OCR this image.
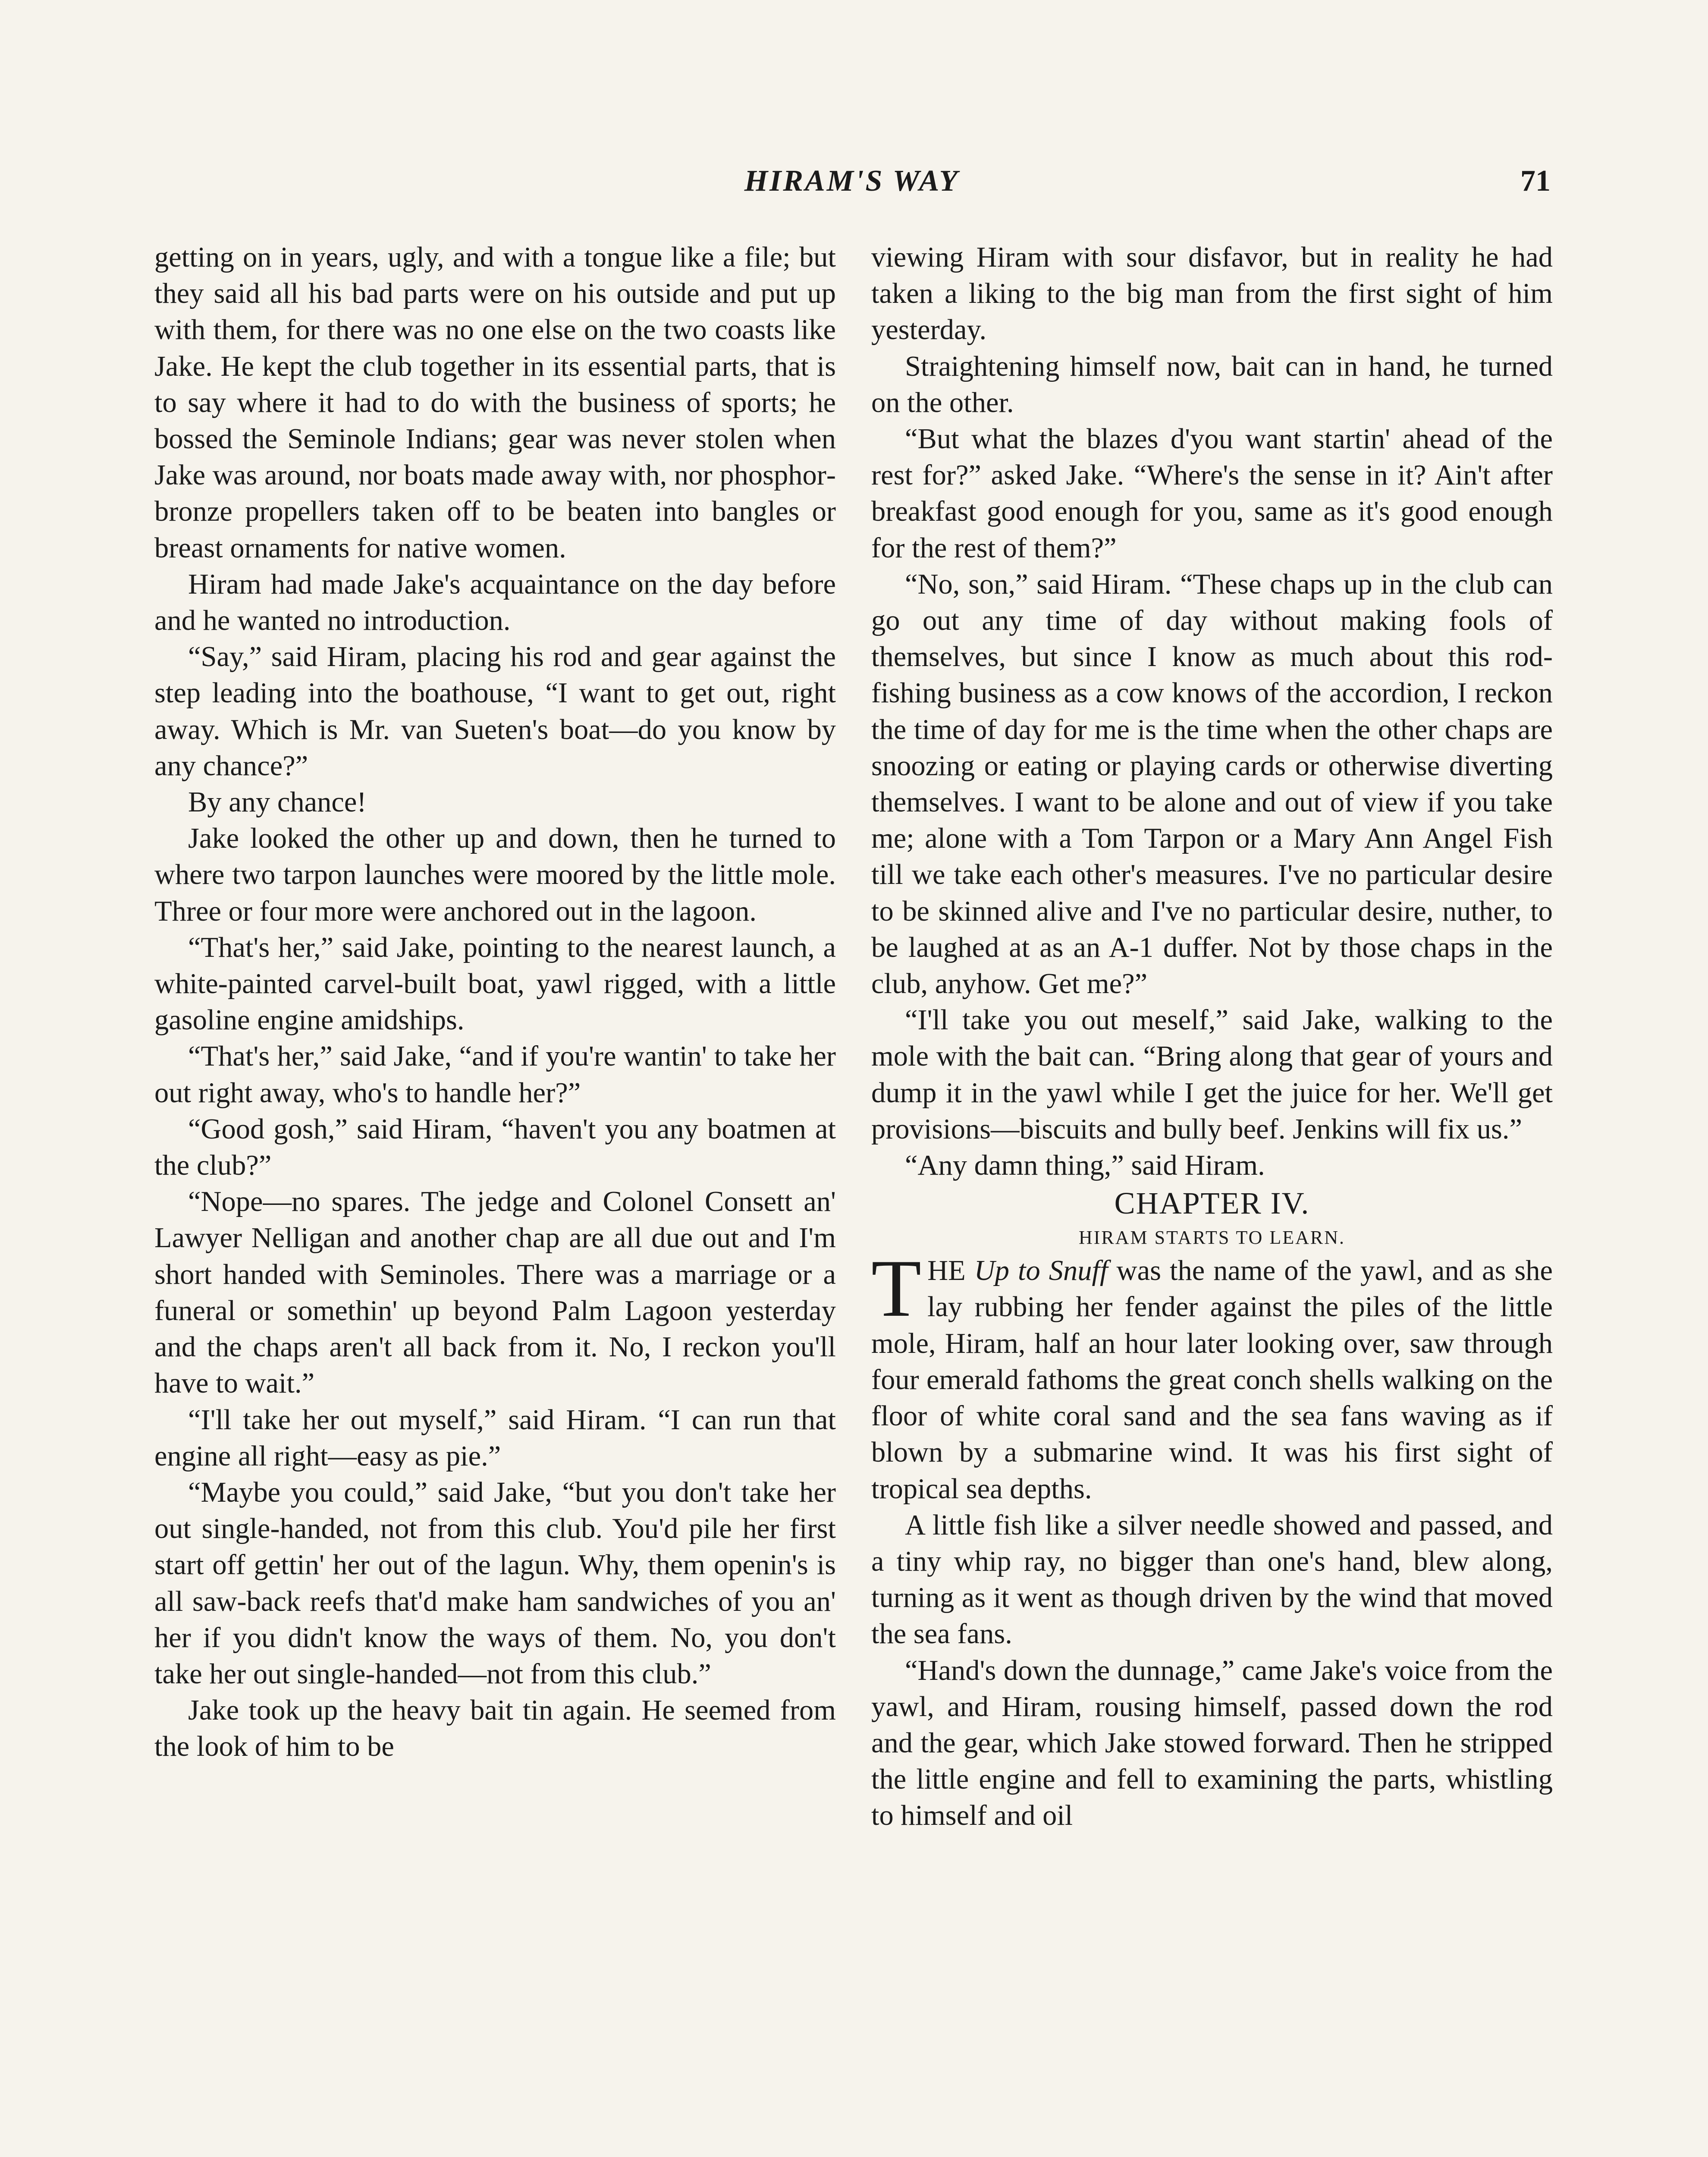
HIRAM'S WAY	71

getting on in years, ugly, and with a tongue like a file; but they said all his bad parts were on his outside and put up with them, for there was no one else on the two coasts like Jake. He kept the club together in its essential parts, that is to say where it had to do with the business of sports; he bossed the Seminole Indians; gear was never stolen when Jake was around, nor boats made away with, nor phosphorbronze propellers taken off to be beaten into bangles or breast ornaments for native women.

Hiram had made Jake's acquaintance on the day before and he wanted no introduction.

“Say,” said Hiram, placing his rod and gear against the step leading into the boathouse, “I want to get out, right away. Which is Mr. van Sueten's boat—do you know by any chance?”

By any chance!

Jake looked the other up and down, then he turned to where two tarpon launches were moored by the little mole. Three or four more were anchored out in the lagoon.

“That's her,” said Jake, pointing to the nearest launch, a white-painted carvel-built boat, yawl rigged, with a little gasoline engine amidships.

“That's her,” said Jake, “and if you're wantin' to take her out right away, who's to handle her?”

“Good gosh,” said Hiram, “haven't you any boatmen at the club?”

“Nope—no spares. The jedge and Colonel Consett an' Lawyer Nelligan and another chap are all due out and I'm short handed with Seminoles. There was a marriage or a funeral or somethin' up beyond Palm Lagoon yesterday and the chaps aren't all back from it. No, I reckon you'll have to wait.”

“I'll take her out myself,” said Hiram. “I can run that engine all right—easy as pie.”

“Maybe you could,” said Jake, “but you don't take her out single-handed, not from this club. You'd pile her first start off gettin' her out of the lagun. Why, them openin's is all saw-back reefs that'd make ham sandwiches of you an' her if you didn't know the ways of them. No, you don't take her out single-handed—not from this club.”

Jake took up the heavy bait tin again. He seemed from the look of him to be

viewing Hiram with sour disfavor, but in reality he had taken a liking to the big man from the first sight of him yesterday.

Straightening himself now, bait can in hand, he turned on the other.

“But what the blazes d'you want startin' ahead of the rest for?” asked Jake. “Where's the sense in it? Ain't after breakfast good enough for you, same as it's good enough for the rest of them?”

“No, son,” said Hiram. “These chaps up in the club can go out any time of day without making fools of themselves, but since I know as much about this rod-fishing business as a cow knows of the accordion, I reckon the time of day for me is the time when the other chaps are snoozing or eating or playing cards or otherwise diverting themselves. I want to be alone and out of view if you take me; alone with a Tom Tarpon or a Mary Ann Angel Fish till we take each other's measures. I've no particular desire to be skinned alive and I've no particular desire, nuther, to be laughed at as an A-1 duffer. Not by those chaps in the club, anyhow. Get me?”

“I'll take you out meself,” said Jake, walking to the mole with the bait can. “Bring along that gear of yours and dump it in the yawl while I get the juice for her. We'll get provisions—biscuits and bully beef. Jenkins will fix us.”

“Any damn thing,” said Hiram.

CHAPTER IV.

HIRAM STARTS TO LEARN.

THE Up to Snuff was the name of the yawl, and as she lay rubbing her fender against the piles of the little mole, Hiram, half an hour later looking over, saw through four emerald fathoms the great conch shells walking on the floor of white coral sand and the sea fans waving as if blown by a submarine wind. It was his first sight of tropical sea depths.

A little fish like a silver needle showed and passed, and a tiny whip ray, no bigger than one's hand, blew along, turning as it went as though driven by the wind that moved the sea fans.

“Hand's down the dunnage,” came Jake's voice from the yawl, and Hiram, rousing himself, passed down the rod and the gear, which Jake stowed forward. Then he stripped the little engine and fell to examining the parts, whistling to himself and oil
